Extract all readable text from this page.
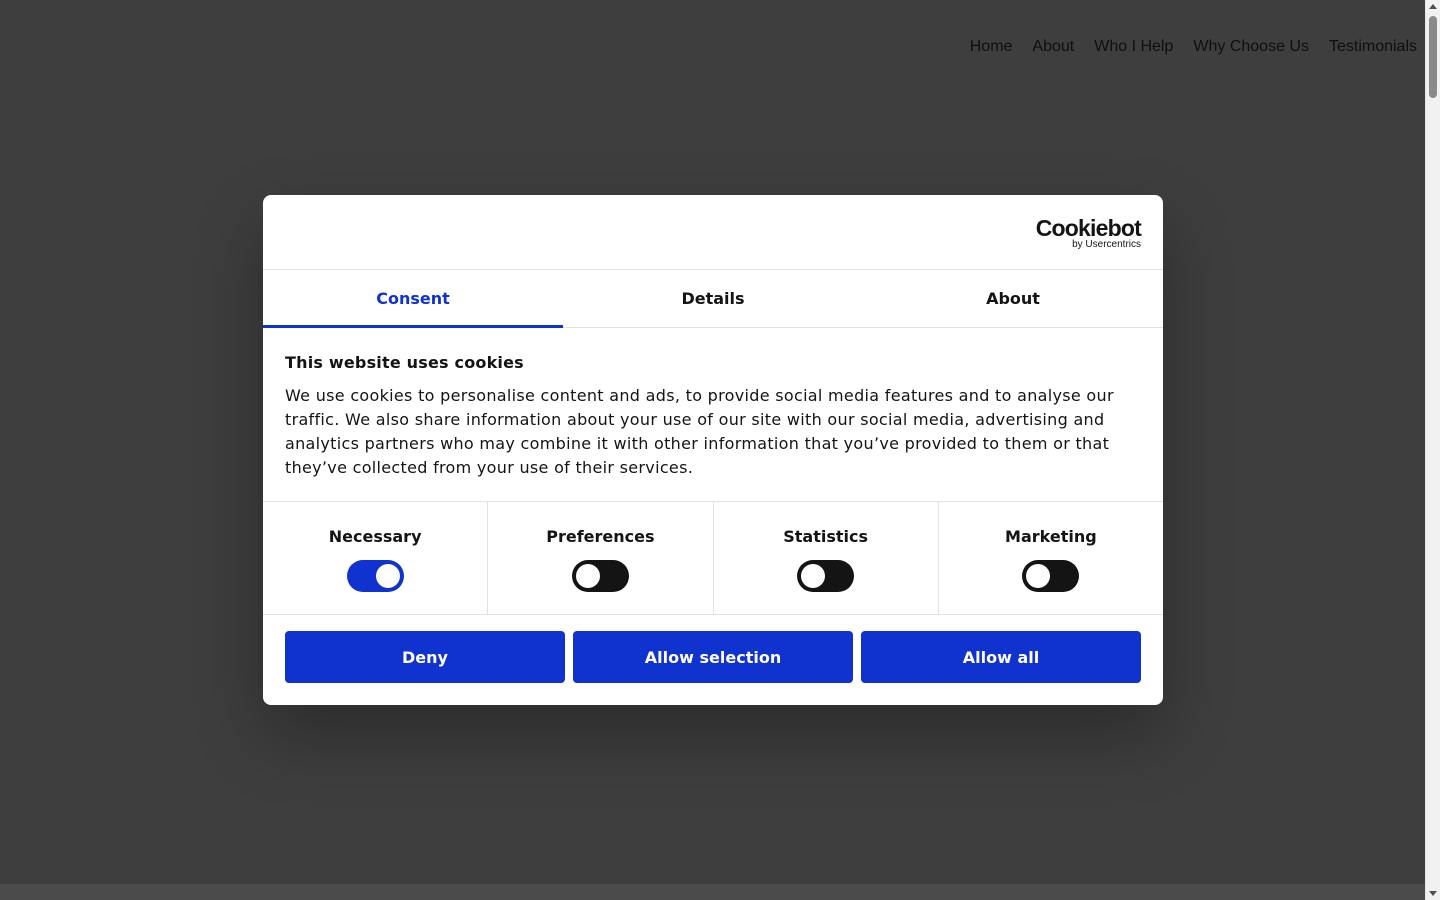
Cookiebot
by Usercentrics
Consent	Details	About
This website uses cookies

We use cookies to personalise content and ads, to provide social media features and to analyse our traffic. We also share information about your use of our site with our social media, advertising and analytics partners who may combine it with other information that you’ve provided to them or that they’ve collected from your use of their services.

Necessary	Preferences	Statistics	Marketing
Deny	Allow selection	Allow all
